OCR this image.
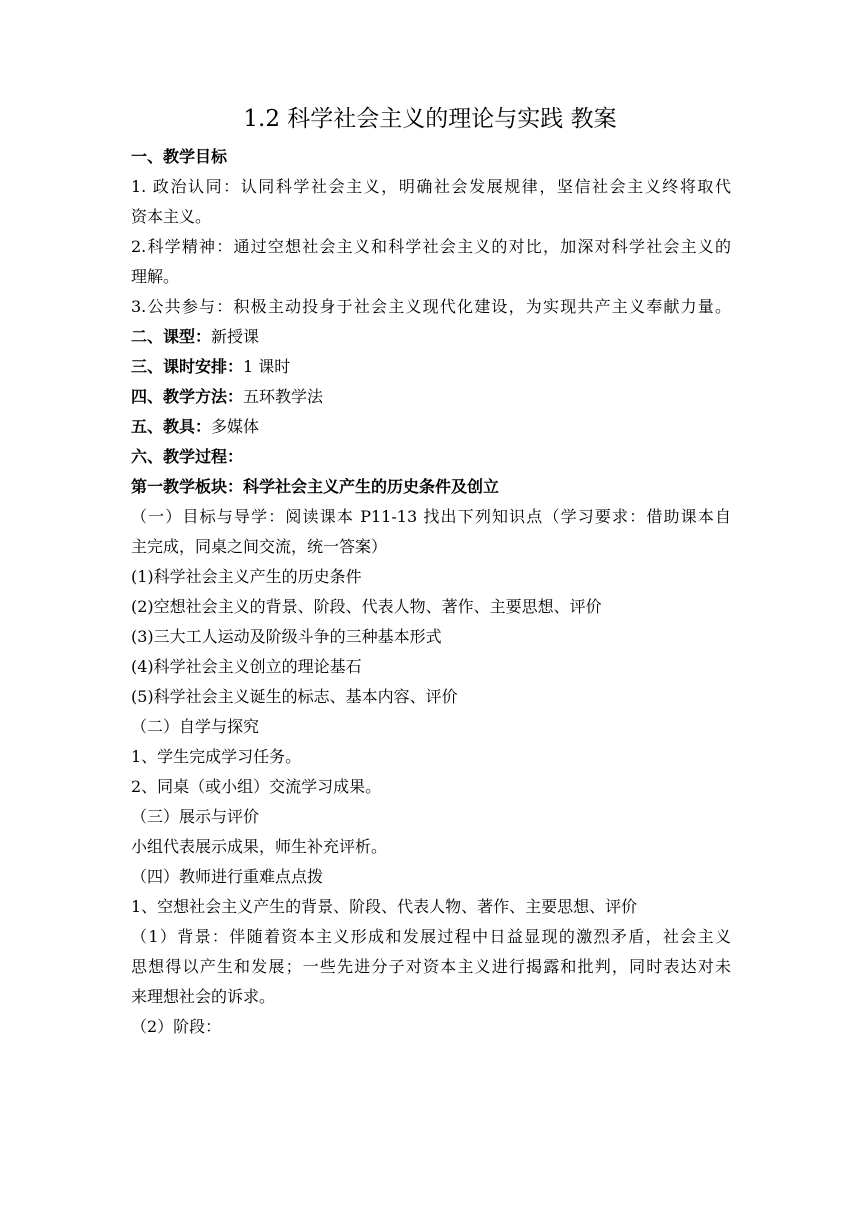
1.2 科学社会主义的理论与实践 教案
一、教学目标
1. 政治认同：认同科学社会主义，明确社会发展规律，坚信社会主义终将取代
资本主义。
2.科学精神：通过空想社会主义和科学社会主义的对比，加深对科学社会主义的
理解。
3.公共参与：积极主动投身于社会主义现代化建设，为实现共产主义奉献力量。
二、课型：新授课
三、课时安排：1 课时
四、教学方法：五环教学法
五、教具：多媒体
六、教学过程：
第一教学板块：科学社会主义产生的历史条件及创立
（一）目标与导学：阅读课本 P11-13 找出下列知识点（学习要求：借助课本自
主完成，同桌之间交流，统一答案）
(1)科学社会主义产生的历史条件
(2)空想社会主义的背景、阶段、代表人物、著作、主要思想、评价
(3)三大工人运动及阶级斗争的三种基本形式
(4)科学社会主义创立的理论基石
(5)科学社会主义诞生的标志、基本内容、评价
（二）自学与探究
1、学生完成学习任务。
2、同桌（或小组）交流学习成果。
（三）展示与评价
小组代表展示成果，师生补充评析。
（四）教师进行重难点点拨
1、空想社会主义产生的背景、阶段、代表人物、著作、主要思想、评价
（1）背景：伴随着资本主义形成和发展过程中日益显现的激烈矛盾，社会主义
思想得以产生和发展；一些先进分子对资本主义进行揭露和批判，同时表达对未
来理想社会的诉求。
（2）阶段：
